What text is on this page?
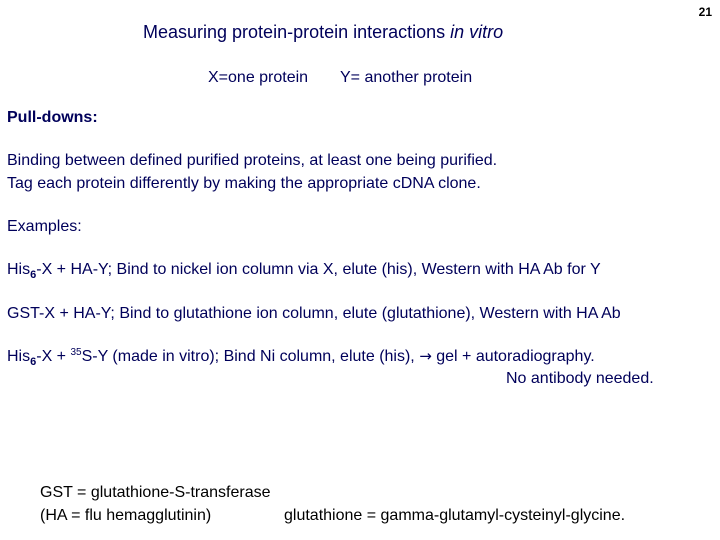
21
Measuring protein-protein interactions in vitro
X=one protein Y= another protein
Pull-downs:
Binding between defined purified proteins, at least one being purified.
Tag each protein differently by making the appropriate cDNA clone.
Examples:
His$_6$-X + HA-Y; Bind to nickel ion column via X, elute (his), Western with HA Ab for Y
GST-X + HA-Y; Bind to glutathione ion column, elute (glutathione), Western with HA Ab
His$_6$-X + $^{35}$S-Y (made in vitro); Bind Ni column, elute (his), → gel + autoradiography.
No antibody needed.
GST = glutathione-S-transferase
(HA = flu hemagglutinin)	glutathione = gamma-glutamyl-cysteinyl-glycine.
